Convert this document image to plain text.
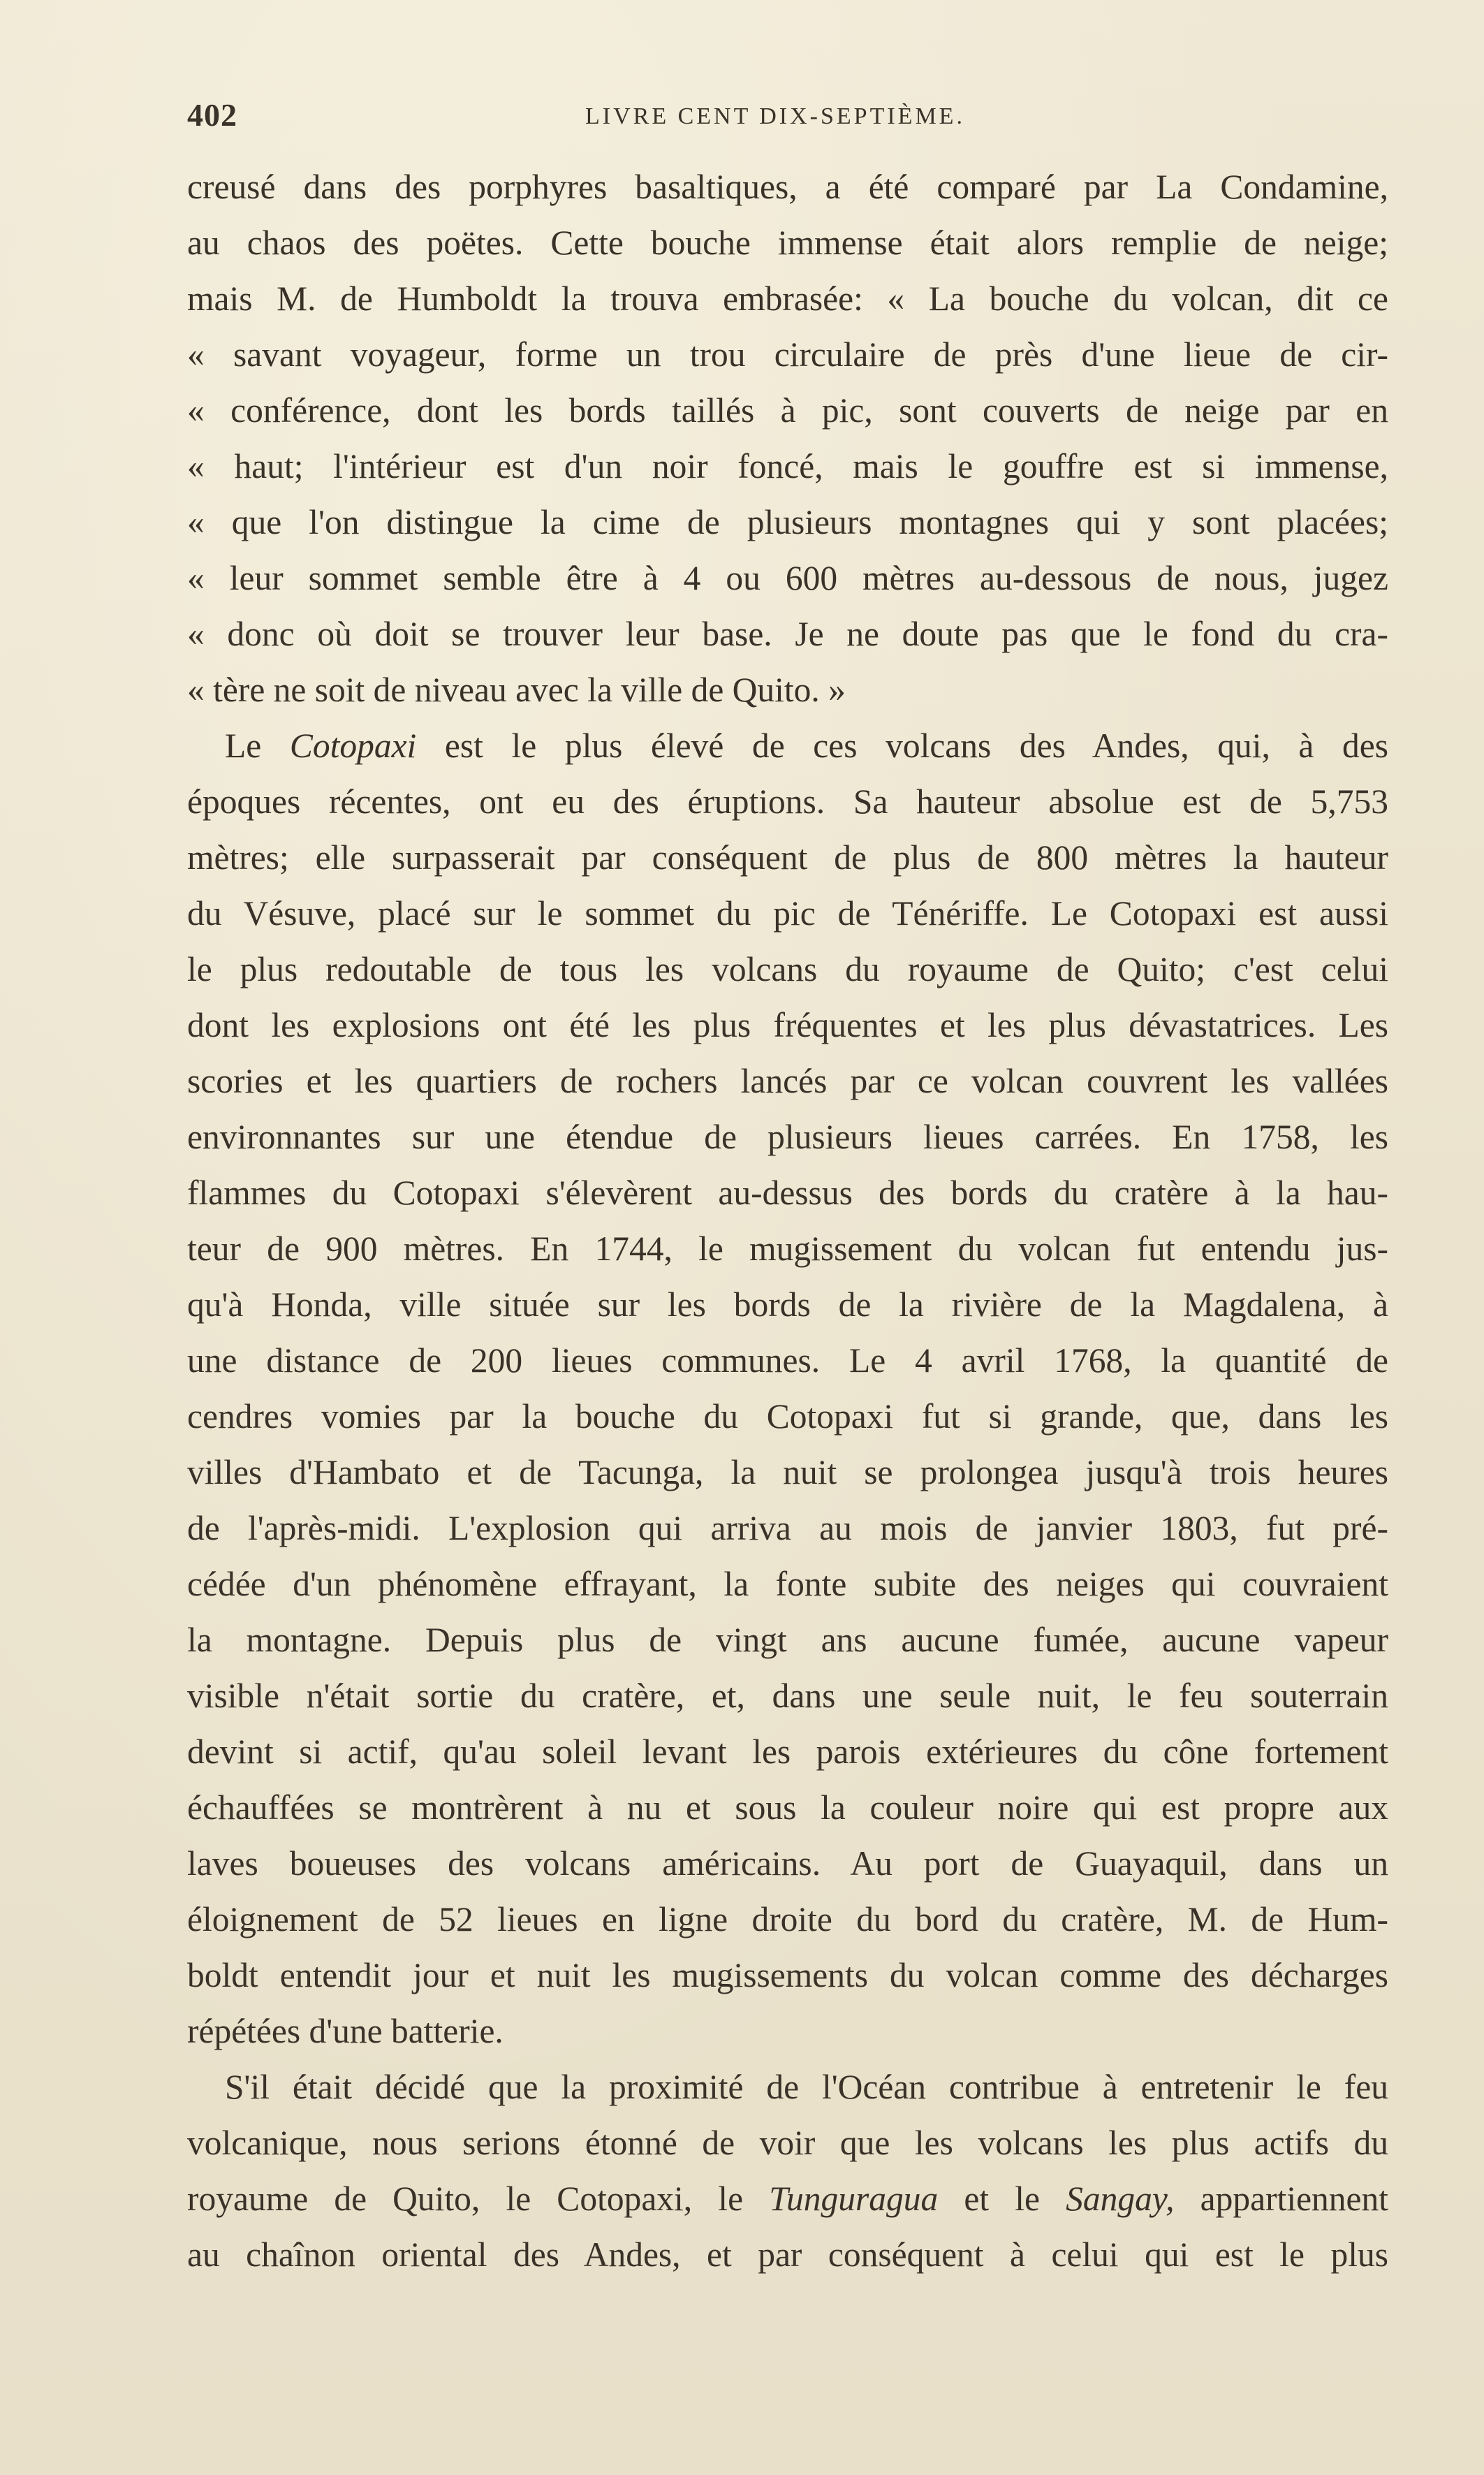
402	LIVRE CENT DIX-SEPTIÈME.
creusé dans des porphyres basaltiques, a été comparé par La Condamine,
au chaos des poëtes. Cette bouche immense était alors remplie de neige;
mais M. de Humboldt la trouva embrasée: « La bouche du volcan, dit ce
« savant voyageur, forme un trou circulaire de près d'une lieue de cir-
« conférence, dont les bords taillés à pic, sont couverts de neige par en
« haut; l'intérieur est d'un noir foncé, mais le gouffre est si immense,
« que l'on distingue la cime de plusieurs montagnes qui y sont placées;
« leur sommet semble être à 4 ou 600 mètres au-dessous de nous, jugez
« donc où doit se trouver leur base. Je ne doute pas que le fond du cra-
« tère ne soit de niveau avec la ville de Quito. »
Le Cotopaxi est le plus élevé de ces volcans des Andes, qui, à des
époques récentes, ont eu des éruptions. Sa hauteur absolue est de 5,753
mètres; elle surpasserait par conséquent de plus de 800 mètres la hauteur
du Vésuve, placé sur le sommet du pic de Ténériffe. Le Cotopaxi est aussi
le plus redoutable de tous les volcans du royaume de Quito; c'est celui
dont les explosions ont été les plus fréquentes et les plus dévastatrices. Les
scories et les quartiers de rochers lancés par ce volcan couvrent les vallées
environnantes sur une étendue de plusieurs lieues carrées. En 1758, les
flammes du Cotopaxi s'élevèrent au-dessus des bords du cratère à la hau-
teur de 900 mètres. En 1744, le mugissement du volcan fut entendu jus-
qu'à Honda, ville située sur les bords de la rivière de la Magdalena, à
une distance de 200 lieues communes. Le 4 avril 1768, la quantité de
cendres vomies par la bouche du Cotopaxi fut si grande, que, dans les
villes d'Hambato et de Tacunga, la nuit se prolongea jusqu'à trois heures
de l'après-midi. L'explosion qui arriva au mois de janvier 1803, fut pré-
cédée d'un phénomène effrayant, la fonte subite des neiges qui couvraient
la montagne. Depuis plus de vingt ans aucune fumée, aucune vapeur
visible n'était sortie du cratère, et, dans une seule nuit, le feu souterrain
devint si actif, qu'au soleil levant les parois extérieures du cône fortement
échauffées se montrèrent à nu et sous la couleur noire qui est propre aux
laves boueuses des volcans américains. Au port de Guayaquil, dans un
éloignement de 52 lieues en ligne droite du bord du cratère, M. de Hum-
boldt entendit jour et nuit les mugissements du volcan comme des décharges
répétées d'une batterie.
S'il était décidé que la proximité de l'Océan contribue à entretenir le feu
volcanique, nous serions étonné de voir que les volcans les plus actifs du
royaume de Quito, le Cotopaxi, le Tunguragua et le Sangay, appartiennent
au chaînon oriental des Andes, et par conséquent à celui qui est le plus
